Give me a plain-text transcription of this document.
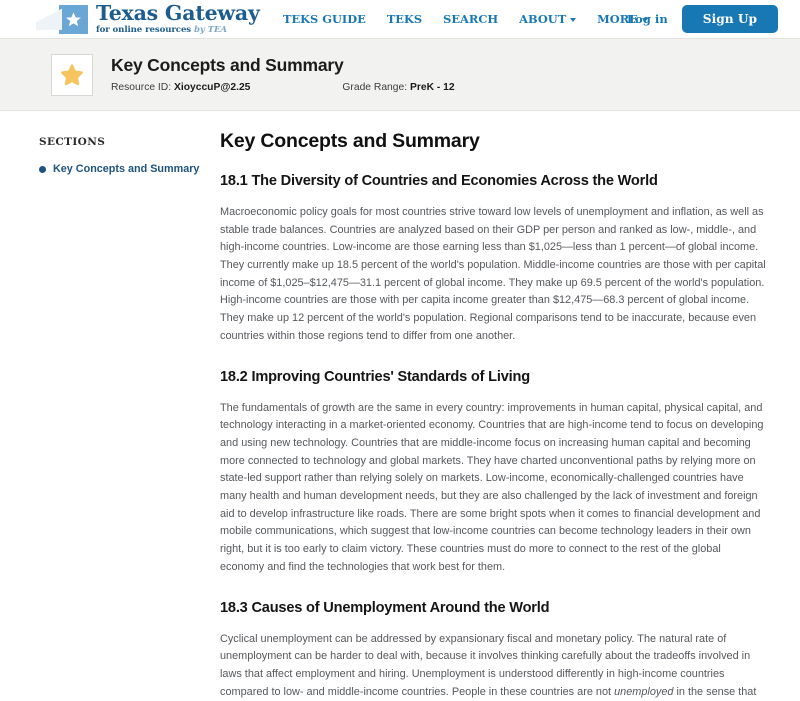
Texas Gateway
for online resources by TEA
TEKS GUIDE TEKS SEARCH ABOUT	MORE
Log in	Sign Up
Key Concepts and Summary
Resource ID: XioyccuP@2.25	Grade Range: PreK - 12
SECTIONS
Key Concepts and Summary
Key Concepts and Summary
18.1 The Diversity of Countries and Economies Across the World

Macroeconomic policy goals for most countries strive toward low levels of unemployment and inflation, as well as stable trade balances. Countries are analyzed based on their GDP per person and ranked as low-, middle-, and high-income countries. Low-income are those earning less than $1,025—less than 1 percent—of global income. They currently make up 18.5 percent of the world's population. Middle-income countries are those with per capital income of $1,025–$12,475—31.1 percent of global income. They make up 69.5 percent of the world's population. High-income countries are those with per capita income greater than $12,475—68.3 percent of global income. They make up 12 percent of the world's population. Regional comparisons tend to be inaccurate, because even countries within those regions tend to differ from one another.

18.2 Improving Countries' Standards of Living

The fundamentals of growth are the same in every country: improvements in human capital, physical capital, and technology interacting in a market-oriented economy. Countries that are high-income tend to focus on developing and using new technology. Countries that are middle-income focus on increasing human capital and becoming more connected to technology and global markets. They have charted unconventional paths by relying more on state-led support rather than relying solely on markets. Low-income, economically-challenged countries have many health and human development needs, but they are also challenged by the lack of investment and foreign aid to develop infrastructure like roads. There are some bright spots when it comes to financial development and mobile communications, which suggest that low-income countries can become technology leaders in their own right, but it is too early to claim victory. These countries must do more to connect to the rest of the global economy and find the technologies that work best for them.

18.3 Causes of Unemployment Around the World

Cyclical unemployment can be addressed by expansionary fiscal and monetary policy. The natural rate of unemployment can be harder to deal with, because it involves thinking carefully about the tradeoffs involved in laws that affect employment and hiring. Unemployment is understood differently in high-income countries compared to low- and middle-income countries. People in these countries are not unemployed in the sense that
